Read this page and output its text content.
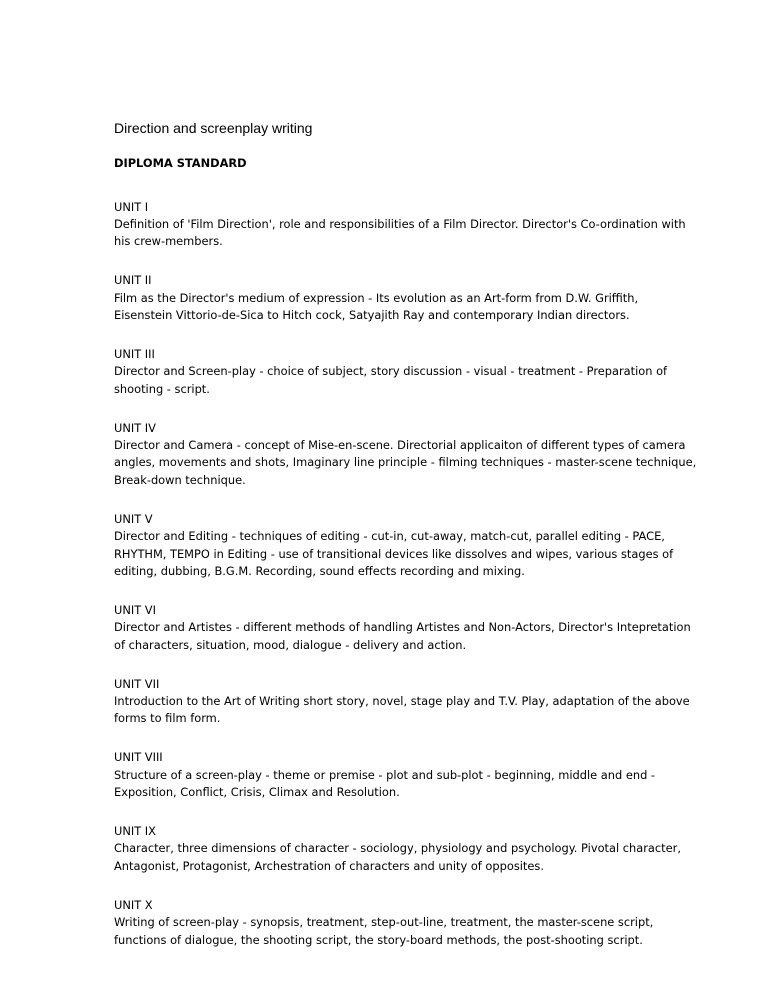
Direction and screenplay writing
DIPLOMA STANDARD
UNIT I
Definition of 'Film Direction', role and responsibilities of a Film Director. Director's Co-ordination with
his crew-members.
UNIT II
Film as the Director's medium of expression - Its evolution as an Art-form from D.W. Griffith,
Eisenstein Vittorio-de-Sica to Hitch cock, Satyajith Ray and contemporary Indian directors.
UNIT III
Director and Screen-play - choice of subject, story discussion - visual - treatment - Preparation of
shooting - script.
UNIT IV
Director and Camera - concept of Mise-en-scene. Directorial applicaiton of different types of camera
angles, movements and shots, Imaginary line principle - filming techniques - master-scene technique,
Break-down technique.
UNIT V
Director and Editing - techniques of editing - cut-in, cut-away, match-cut, parallel editing - PACE,
RHYTHM, TEMPO in Editing - use of transitional devices like dissolves and wipes, various stages of
editing, dubbing, B.G.M. Recording, sound effects recording and mixing.
UNIT VI
Director and Artistes - different methods of handling Artistes and Non-Actors, Director's Intepretation
of characters, situation, mood, dialogue - delivery and action.
UNIT VII
Introduction to the Art of Writing short story, novel, stage play and T.V. Play, adaptation of the above
forms to film form.
UNIT VIII
Structure of a screen-play - theme or premise - plot and sub-plot - beginning, middle and end -
Exposition, Conflict, Crisis, Climax and Resolution.
UNIT IX
Character, three dimensions of character - sociology, physiology and psychology. Pivotal character,
Antagonist, Protagonist, Archestration of characters and unity of opposites.
UNIT X
Writing of screen-play - synopsis, treatment, step-out-line, treatment, the master-scene script,
functions of dialogue, the shooting script, the story-board methods, the post-shooting script.
